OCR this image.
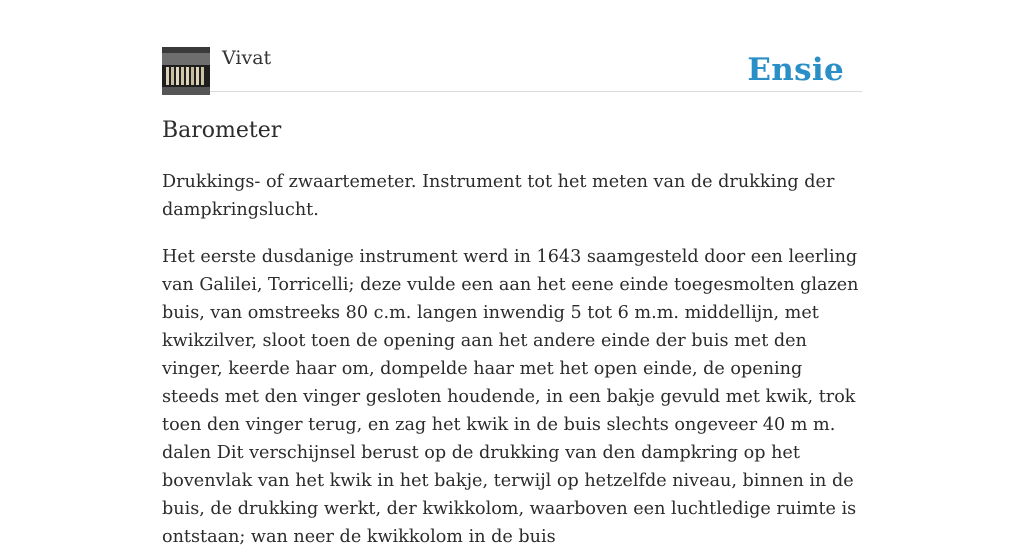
Vivat	Ensie
Barometer

Drukkings- of zwaartemeter. Instrument tot het meten van de drukking der dampkringslucht.

Het eerste dusdanige instrument werd in 1643 saamgesteld door een leerling van Galilei, Torricelli; deze vulde een aan het eene einde toegesmolten glazen buis, van omstreeks 80 c.m. langen inwendig 5 tot 6 m.m. middellijn, met kwikzilver, sloot toen de opening aan het andere einde der buis met den vinger, keerde haar om, dompelde haar met het open einde, de opening steeds met den vinger gesloten houdende, in een bakje gevuld met kwik, trok toen den vinger terug, en zag het kwik in de buis slechts ongeveer 40 m m. dalen Dit verschijnsel berust op de drukking van den dampkring op het bovenvlak van het kwik in het bakje, terwijl op hetzelfde niveau, binnen in de buis, de drukking werkt, der kwikkolom, waarboven een luchtledige ruimte is ontstaan; wan neer de kwikkolom in de buis
